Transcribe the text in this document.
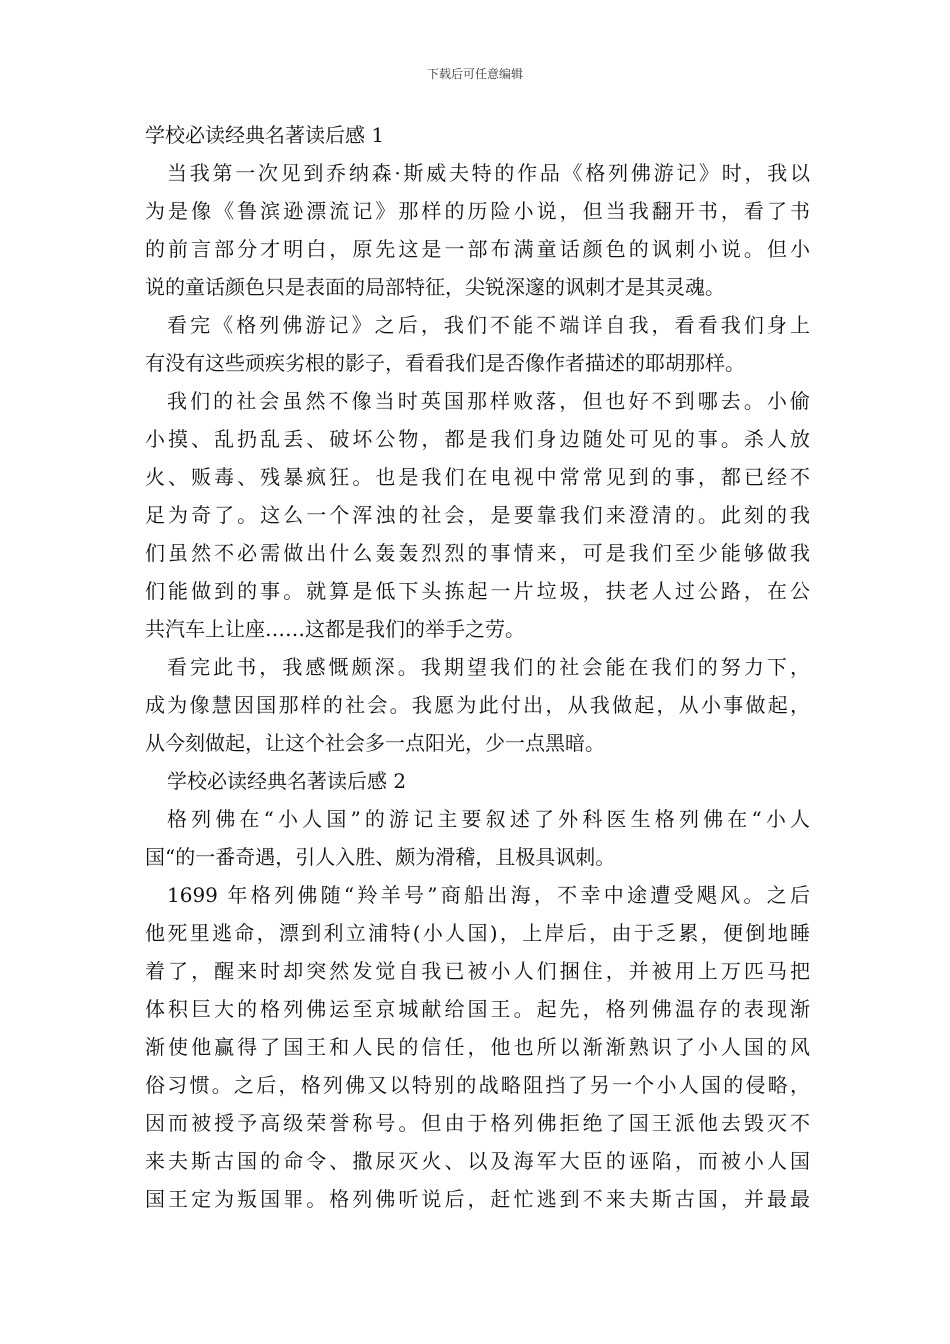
下载后可任意编辑
学校必读经典名著读后感 1
当我第一次见到乔纳森·斯威夫特的作品《格列佛游记》时，我以
为是像《鲁滨逊漂流记》那样的历险小说，但当我翻开书，看了书
的前言部分才明白，原先这是一部布满童话颜色的讽刺小说。但小
说的童话颜色只是表面的局部特征，尖锐深邃的讽刺才是其灵魂。
看完《格列佛游记》之后，我们不能不端详自我，看看我们身上
有没有这些顽疾劣根的影子，看看我们是否像作者描述的耶胡那样。
我们的社会虽然不像当时英国那样败落，但也好不到哪去。小偷
小摸、乱扔乱丢、破坏公物，都是我们身边随处可见的事。杀人放
火、贩毒、残暴疯狂。也是我们在电视中常常见到的事，都已经不
足为奇了。这么一个浑浊的社会，是要靠我们来澄清的。此刻的我
们虽然不必需做出什么轰轰烈烈的事情来，可是我们至少能够做我
们能做到的事。就算是低下头拣起一片垃圾，扶老人过公路，在公
共汽车上让座……这都是我们的举手之劳。
看完此书，我感慨颇深。我期望我们的社会能在我们的努力下，
成为像慧因国那样的社会。我愿为此付出，从我做起，从小事做起，
从今刻做起，让这个社会多一点阳光，少一点黑暗。
学校必读经典名著读后感 2
格列佛在“小人国”的游记主要叙述了外科医生格列佛在“小人
国“的一番奇遇，引人入胜、颇为滑稽，且极具讽刺。
1699 年格列佛随“羚羊号”商船出海，不幸中途遭受飓风。之后
他死里逃命，漂到利立浦特(小人国)，上岸后，由于乏累，便倒地睡
着了，醒来时却突然发觉自我已被小人们捆住，并被用上万匹马把
体积巨大的格列佛运至京城献给国王。起先，格列佛温存的表现渐
渐使他赢得了国王和人民的信任，他也所以渐渐熟识了小人国的风
俗习惯。之后，格列佛又以特别的战略阻挡了另一个小人国的侵略，
因而被授予高级荣誉称号。但由于格列佛拒绝了国王派他去毁灭不
来夫斯古国的命令、撒尿灭火、以及海军大臣的诬陷，而被小人国
国王定为叛国罪。格列佛听说后，赶忙逃到不来夫斯古国，并最最
